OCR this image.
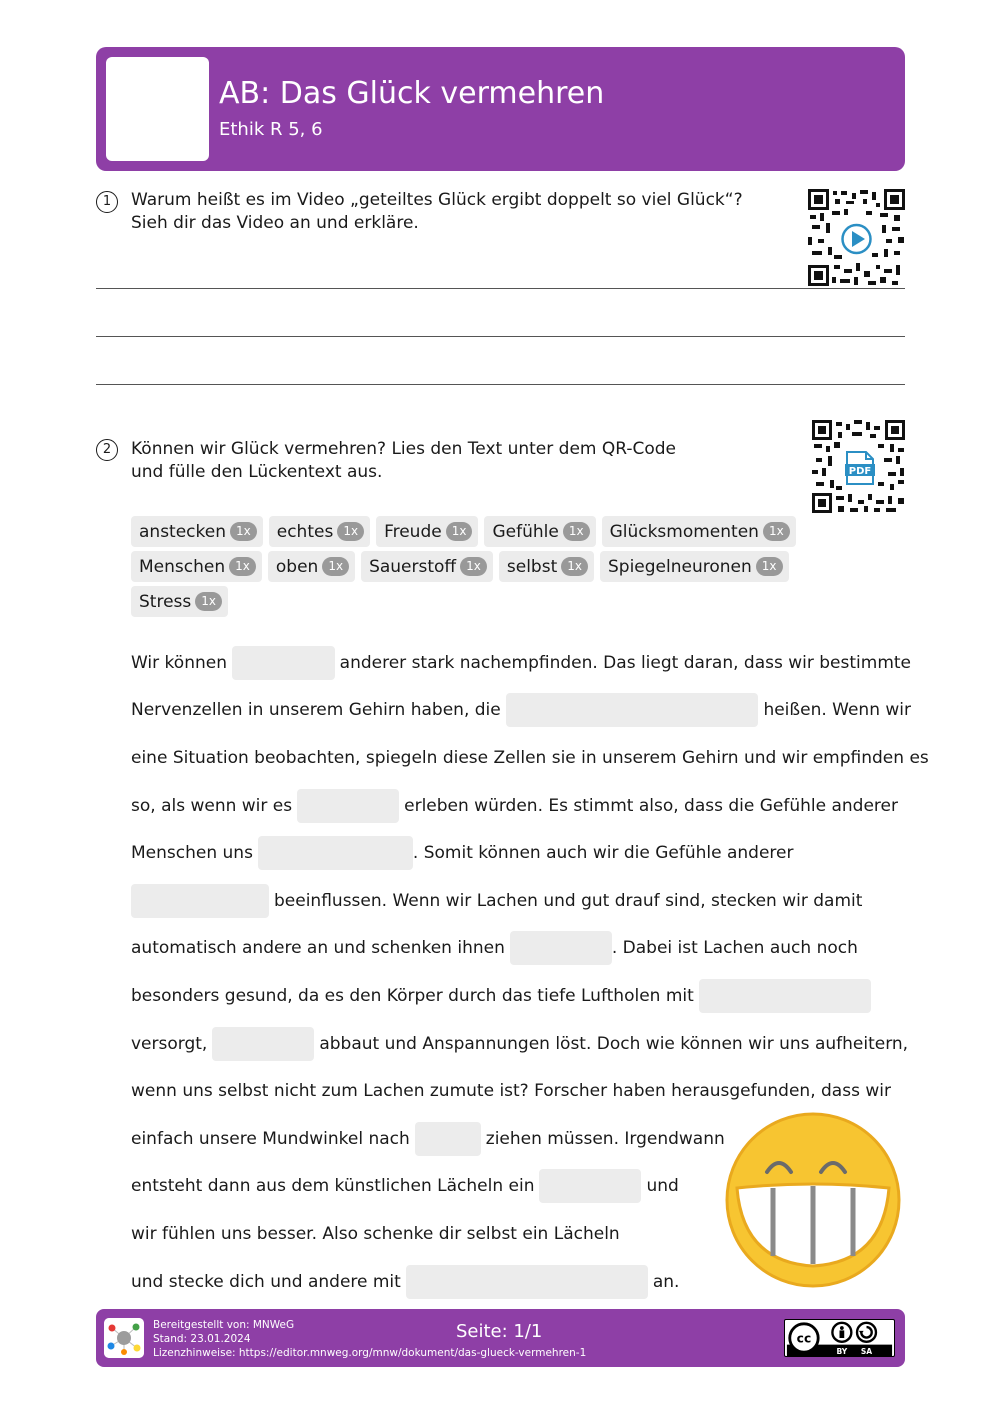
AB: Das Glück vermehren
Ethik R 5, 6
1	Warum heißt es im Video „geteiltes Glück ergibt doppelt so viel Glück“?
Sieh dir das Video an und erkläre.
2	Können wir Glück vermehren? Lies den Text unter dem QR-Code
und fülle den Lückentext aus.	PDF
anstecken 1x	echtes 1x	Freude 1x	Gefühle 1x	Glücksmomenten 1x
Menschen 1x	oben 1x	Sauerstoff 1x	selbst 1x	Spiegelneuronen 1x
Stress 1x
Wir können	anderer stark nachempfinden. Das liegt daran, dass wir bestimmte
Nervenzellen in unserem Gehirn haben, die	heißen. Wenn wir
eine Situation beobachten, spiegeln diese Zellen sie in unserem Gehirn und wir empfinden es
so, als wenn wir es	erleben würden. Es stimmt also, dass die Gefühle anderer
Menschen uns	. Somit können auch wir die Gefühle anderer
beeinflussen. Wenn wir Lachen und gut drauf sind, stecken wir damit
automatisch andere an und schenken ihnen	. Dabei ist Lachen auch noch
besonders gesund, da es den Körper durch das tiefe Luftholen mit
versorgt,	abbaut und Anspannungen löst. Doch wie können wir uns aufheitern,
wenn uns selbst nicht zum Lachen zumute ist? Forscher haben herausgefunden, dass wir
einfach unsere Mundwinkel nach	ziehen müssen. Irgendwann
entsteht dann aus dem künstlichen Lächeln ein	und
wir fühlen uns besser. Also schenke dir selbst ein Lächeln
und stecke dich und andere mit	an.
Bereitgestellt von: MNWeG
Stand: 23.01.2024
Lizenzhinweise: https://editor.mnweg.org/mnw/dokument/das-glueck-vermehren-1
Seite: 1/1	cc
BY SA
